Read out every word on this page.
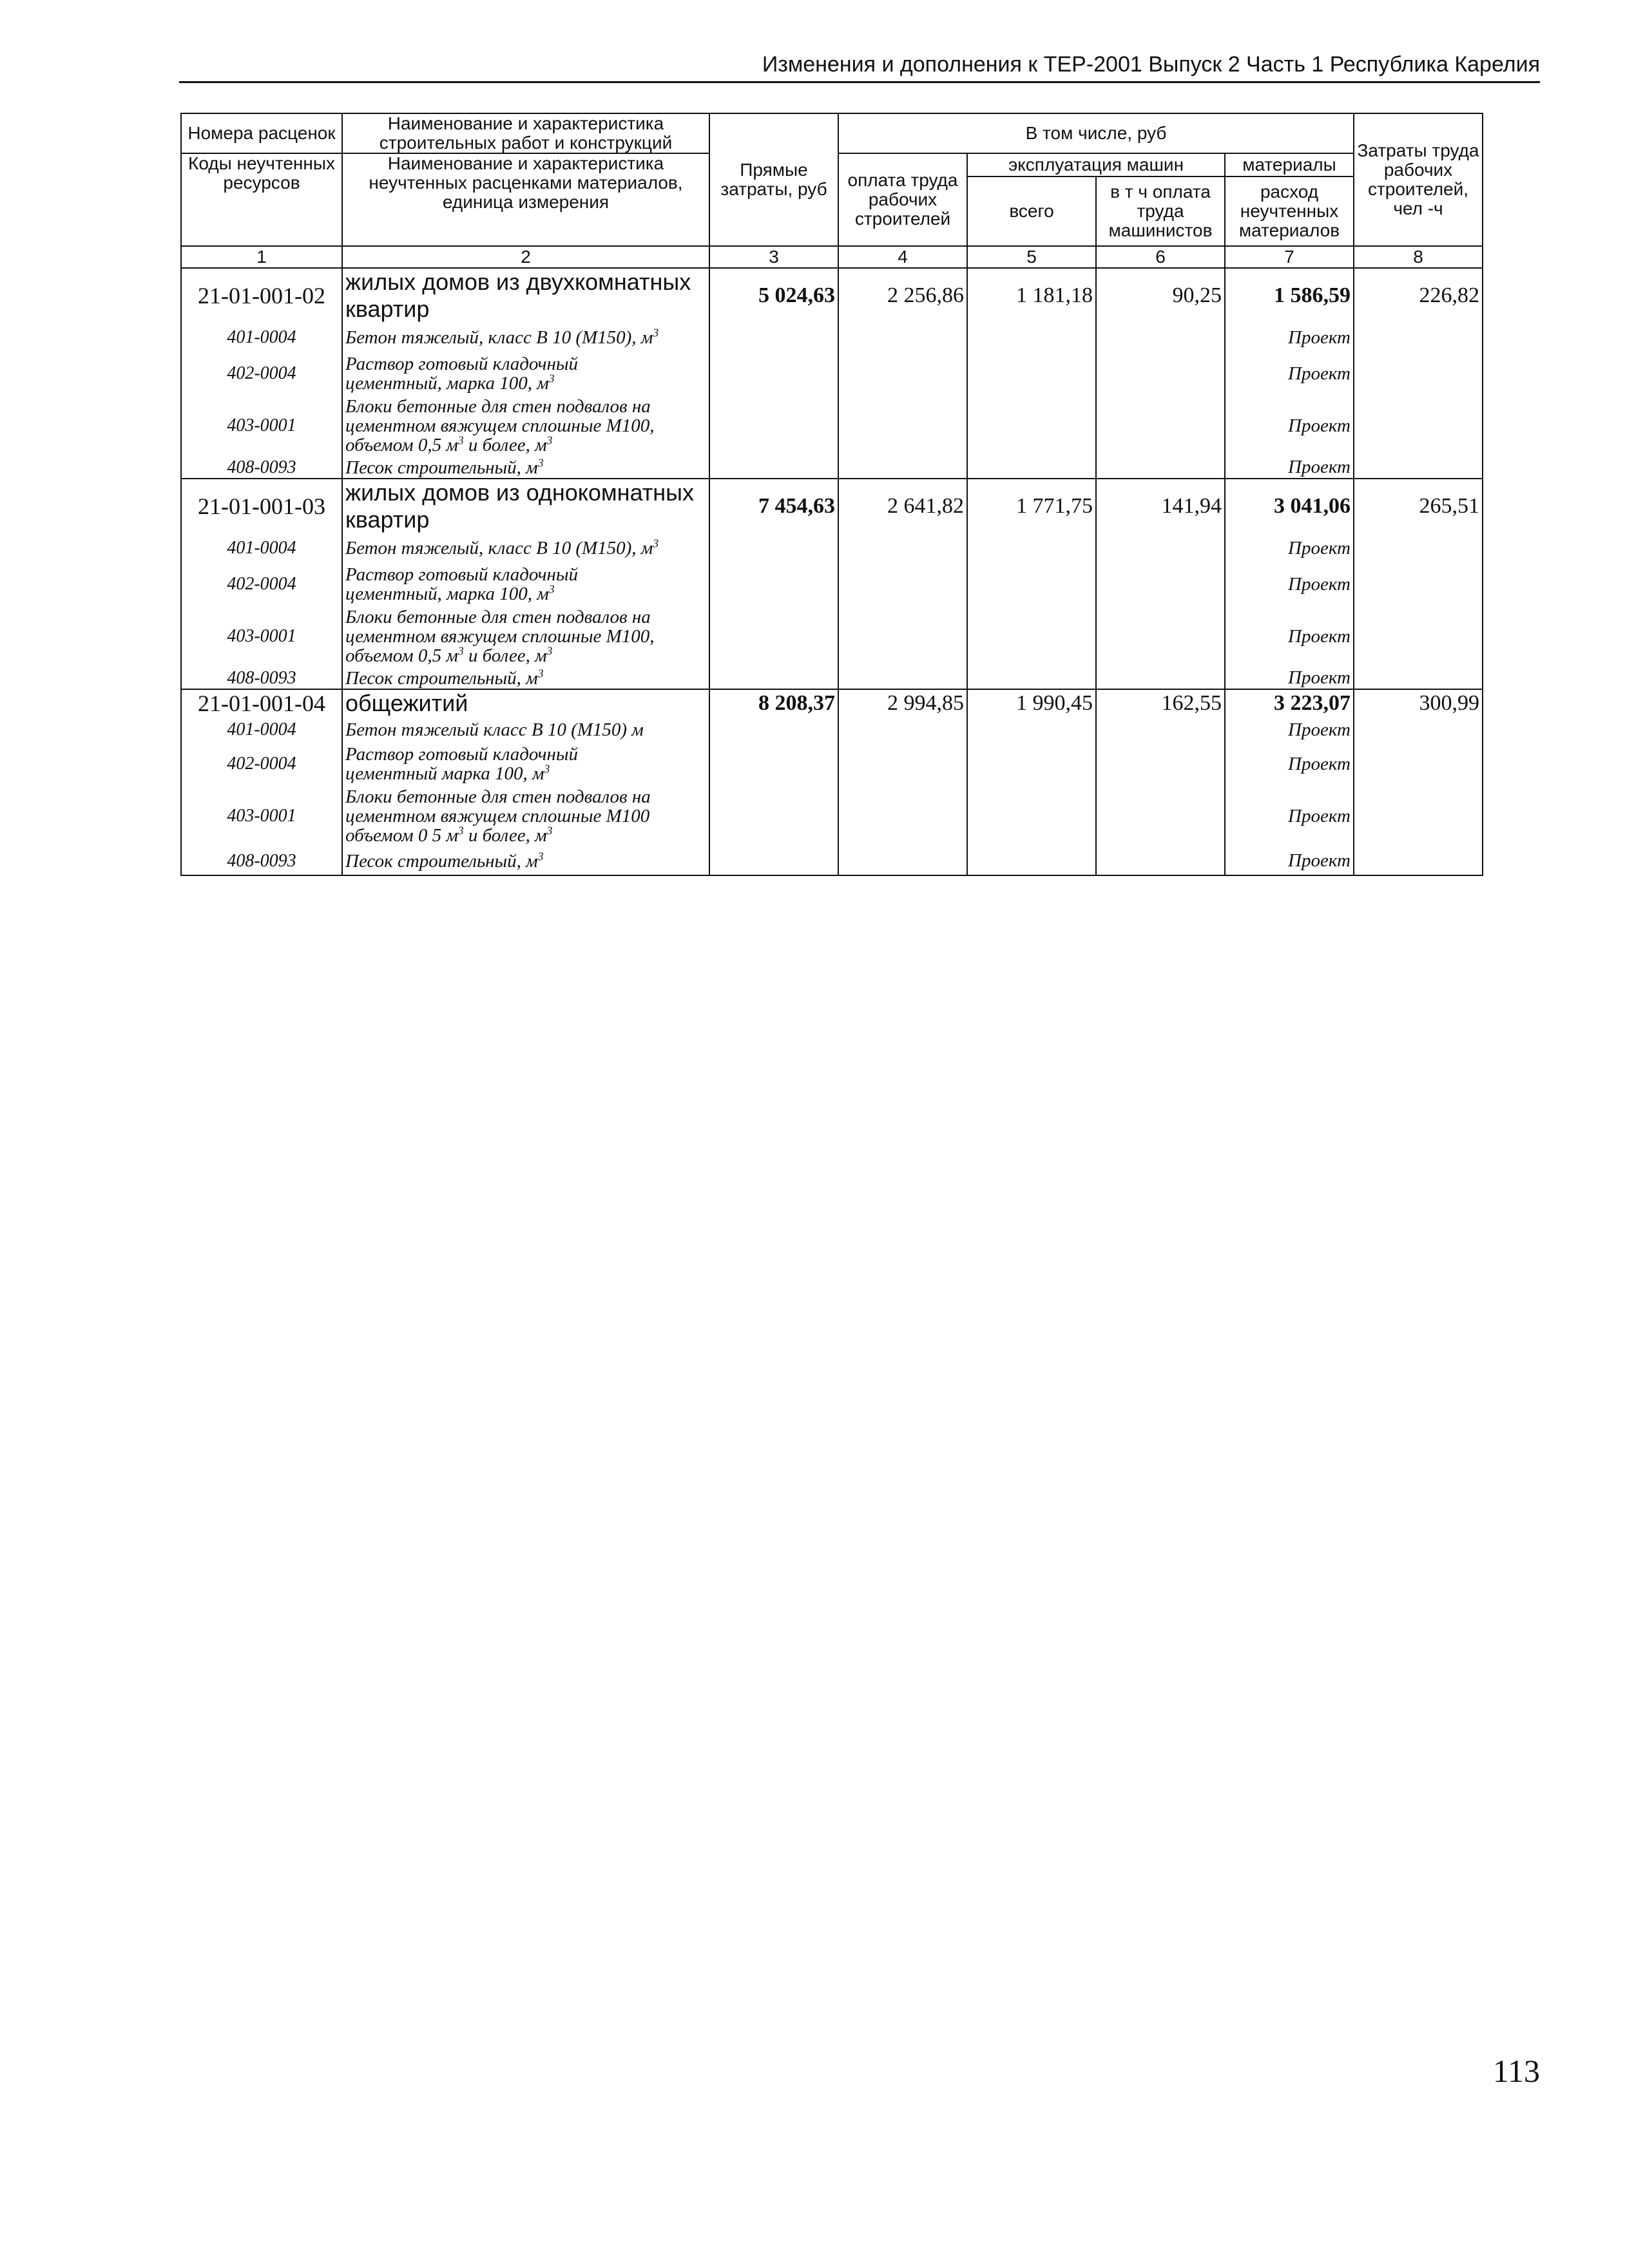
Изменения и дополнения к ТЕР-2001 Выпуск 2 Часть 1 Республика Карелия
Номера расценок	Наименование и характеристика строительных работ и конструкций	Прямые затраты, руб	В том числе, руб				Затраты труда рабочих строителей, чел -ч
Коды неучтенных ресурсов	Наименование и характеристика неучтенных расценками материалов, единица измерения		оплата труда рабочих строителей	эксплуатация машин		материалы	
				всего	в т ч оплата труда машинистов	расход неучтенных материалов	

1	2	3	4	5	6	7	8
21-01-001-02	жилых домов из двухкомнатных квартир	5 024,63	2 256,86	1 181,18	90,25	1 586,59	226,82
401-0004	Бетон тяжелый, класс В 10 (М150), $м^3$					Проект	
402-0004	Раствор готовый кладочный
цементный, марка 100, $м^3$					Проект	
403-0001	Блоки бетонные для стен подвалов на
цементном вяжущем сплошные М100,
объемом 0,5 $м^3$ и более, $м^3$					Проект	
408-0093	Песок строительный, $м^3$					Проект	
21-01-001-03	жилых домов из однокомнатных квартир	7 454,63	2 641,82	1 771,75	141,94	3 041,06	265,51
401-0004	Бетон тяжелый, класс В 10 (М150), $м^3$					Проект	
402-0004	Раствор готовый кладочный
цементный, марка 100, $м^3$					Проект	
403-0001	Блоки бетонные для стен подвалов на
цементном вяжущем сплошные М100,
объемом 0,5 $м^3$ и более, $м^3$					Проект	
408-0093	Песок строительный, $м^3$					Проект	
21-01-001-04	общежитий	8 208,37	2 994,85	1 990,45	162,55	3 223,07	300,99
401-0004	Бетон тяжелый класс В 10 (М150) м					Проект	
402-0004	Раствор готовый кладочный
цементный марка 100, $м^3$					Проект	
403-0001	Блоки бетонные для стен подвалов на
цементном вяжущем сплошные М100
объемом 0 5 $м^3$ и более, $м^3$					Проект	
408-0093	Песок строительный, $м^3$					Проект	
113
